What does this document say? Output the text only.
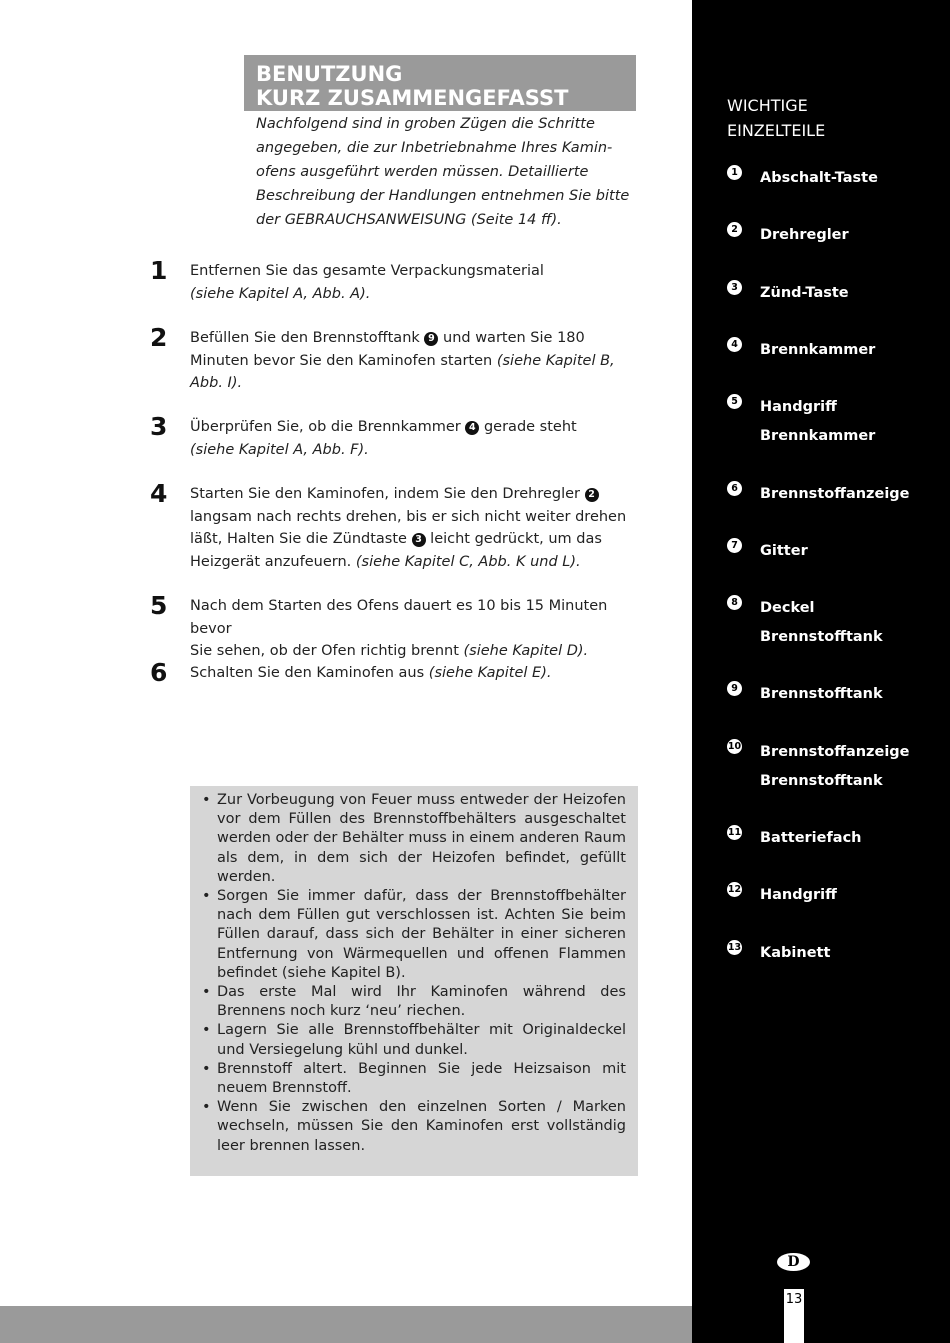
BENUTZUNG
KURZ ZUSAMMENGEFASST
Nachfolgend sind in groben Zügen die Schritte
angegeben, die zur Inbetriebnahme Ihres Kamin-
ofens ausgeführt werden müssen. Detaillierte
Beschreibung der Handlungen entnehmen Sie bitte
der GEBRAUCHSANWEISUNG (Seite 14 ff).
1 Entfernen Sie das gesamte Verpackungsmaterial
(siehe Kapitel A, Abb. A).
2 Befüllen Sie den Brennstofftank 9 und warten Sie 180
Minuten bevor Sie den Kaminofen starten (siehe Kapitel B,
Abb. I).
3 Überprüfen Sie, ob die Brennkammer 4 gerade steht
(siehe Kapitel A, Abb. F).
4 Starten Sie den Kaminofen, indem Sie den Drehregler 2
langsam nach rechts drehen, bis er sich nicht weiter drehen
läßt, Halten Sie die Zündtaste 3 leicht gedrückt, um das
Heizgerät anzufeuern. (siehe Kapitel C, Abb. K und L).
5 Nach dem Starten des Ofens dauert es 10 bis 15 Minuten bevor
Sie sehen, ob der Ofen richtig brennt (siehe Kapitel D).
6 Schalten Sie den Kaminofen aus (siehe Kapitel E).
• Zur Vorbeugung von Feuer muss entweder der Heizofen vor dem Füllen des Brennstoffbehälters ausgeschaltet werden oder der Behälter muss in einem anderen Raum als dem, in dem sich der Heizofen befindet, gefüllt werden.
• Sorgen Sie immer dafür, dass der Brennstoffbehälter nach dem Füllen gut verschlossen ist. Achten Sie beim Füllen darauf, dass sich der Behälter in einer sicheren Entfernung von Wärmequellen und offenen Flammen befindet (siehe Kapitel B).
• Das erste Mal wird Ihr Kaminofen während des Brennens noch kurz ‘neu’ riechen.
• Lagern Sie alle Brennstoffbehälter mit Originaldeckel und Versiegelung kühl und dunkel.
• Brennstoff altert. Beginnen Sie jede Heizsaison mit neuem Brennstoff.
• Wenn Sie zwischen den einzelnen Sorten / Marken wechseln, müssen Sie den Kaminofen erst vollständig leer brennen lassen.
WICHTIGE
EINZELTEILE
1 Abschalt-Taste
2 Drehregler
3 Zünd-Taste
4 Brennkammer
5 Handgriff
Brennkammer
6 Brennstoffanzeige
7 Gitter
8 Deckel
Brennstofftank
9 Brennstofftank
10 Brennstoffanzeige
Brennstofftank
11 Batteriefach
12 Handgriff
13 Kabinett
D
13
